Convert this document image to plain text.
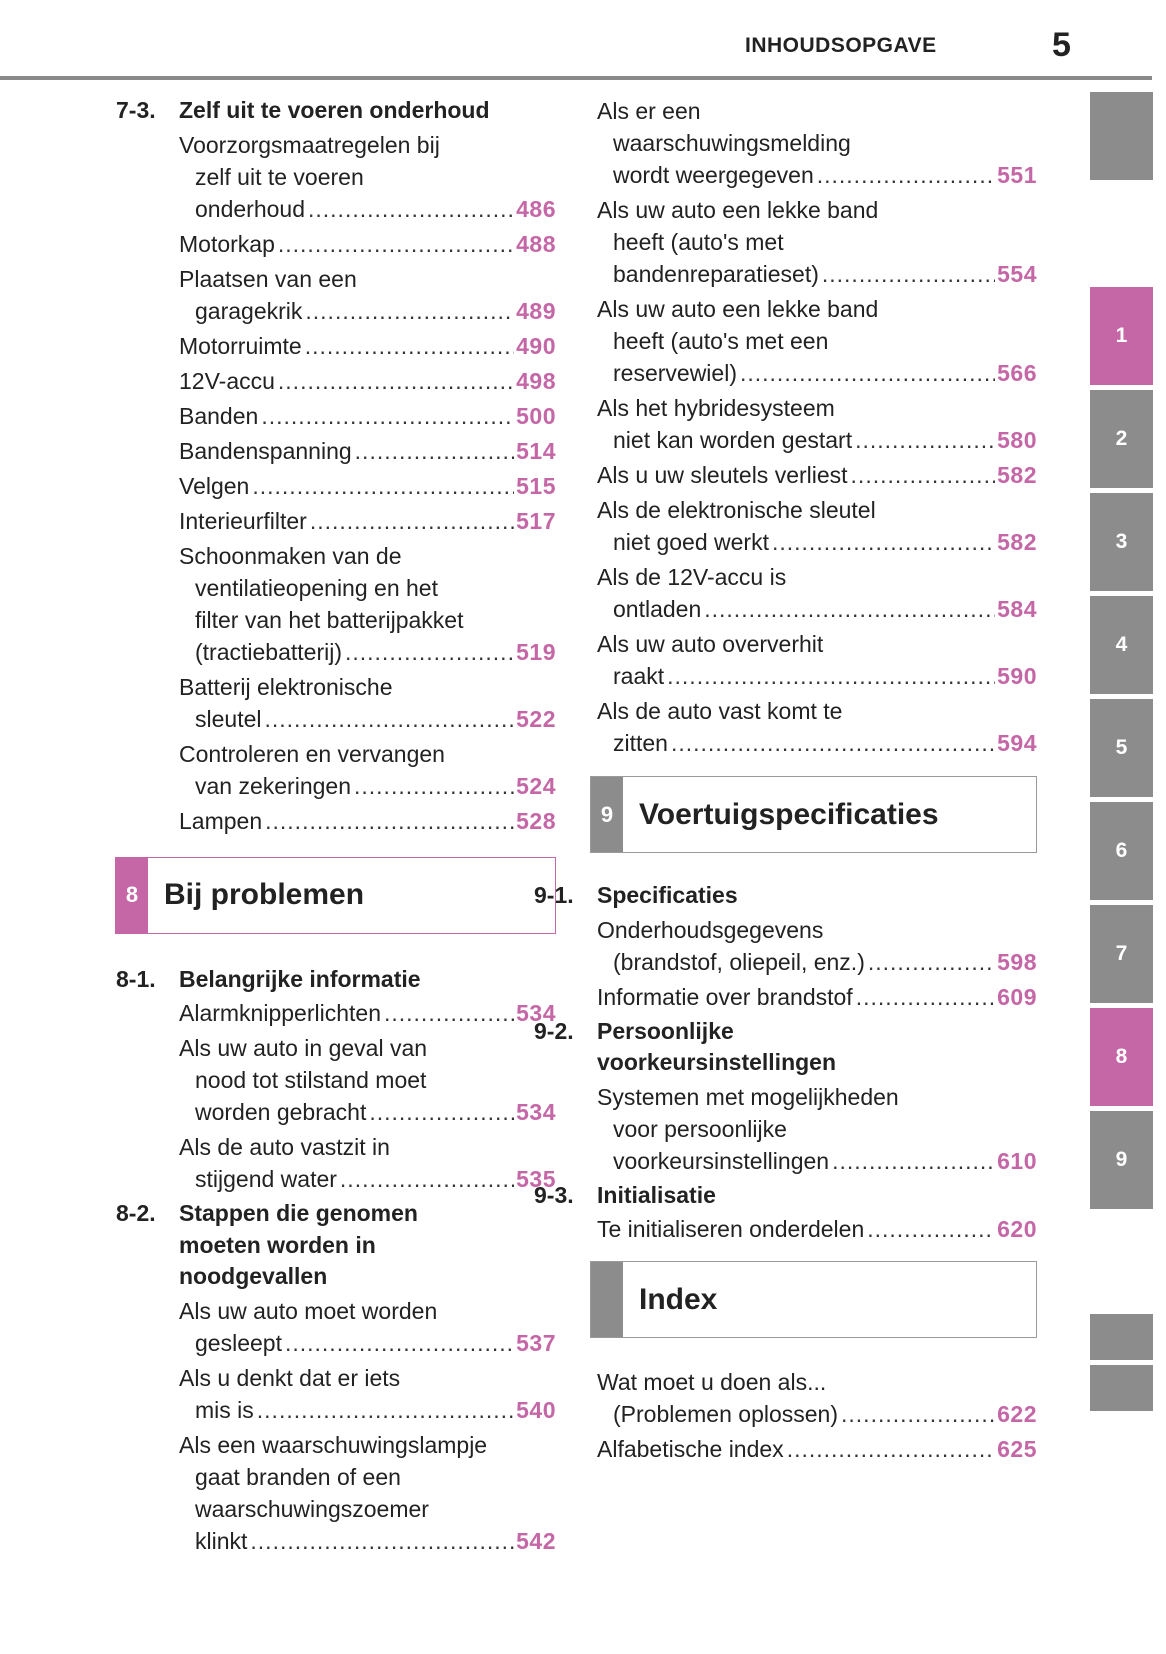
INHOUDSOPGAVE	5
7-3.	Zelf uit te voeren onderhoud
Voorzorgsmaatregelen bij
zelf uit te voeren
onderhoud .....	486
Motorkap .....	488
Plaatsen van een
garagekrik .....	489
Motorruimte .....	490
12V-accu .....	498
Banden .....	500
Bandenspanning .....	514
Velgen .....	515
Interieurfilter .....	517
Schoonmaken van de
ventilatieopening en het
filter van het batterijpakket
(tractiebatterij) .....	519
Batterij elektronische
sleutel .....	522
Controleren en vervangen
van zekeringen .....	524
Lampen .....	528
8 Bij problemen
8-1.	Belangrijke informatie
Alarmknipperlichten .....	534
Als uw auto in geval van
nood tot stilstand moet
worden gebracht .....	534
Als de auto vastzit in
stijgend water .....	535
8-2.	Stappen die genomen
moeten worden in
noodgevallen
Als uw auto moet worden
gesleept .....	537
Als u denkt dat er iets
mis is .....	540
Als een waarschuwingslampje
gaat branden of een
waarschuwingszoemer
klinkt .....	542
Als er een
waarschuwingsmelding
wordt weergegeven .....	551
Als uw auto een lekke band
heeft (auto's met
bandenreparatieset) .....	554
Als uw auto een lekke band
heeft (auto's met een
reservewiel) .....	566
Als het hybridesysteem
niet kan worden gestart .....	580
Als u uw sleutels verliest .....	582
Als de elektronische sleutel
niet goed werkt .....	582
Als de 12V-accu is
ontladen .....	584
Als uw auto oververhit
raakt .....	590
Als de auto vast komt te
zitten .....	594
9 Voertuigspecificaties
9-1.	Specificaties
Onderhoudsgegevens
(brandstof, oliepeil, enz.) .....	598
Informatie over brandstof .....	609
9-2.	Persoonlijke
voorkeursinstellingen
Systemen met mogelijkheden
voor persoonlijke
voorkeursinstellingen .....	610
9-3.	Initialisatie
Te initialiseren onderdelen .....	620
Index
Wat moet u doen als...
(Problemen oplossen) .....	622
Alfabetische index .....	625
1
2
3
4
5
6
7
8
9
